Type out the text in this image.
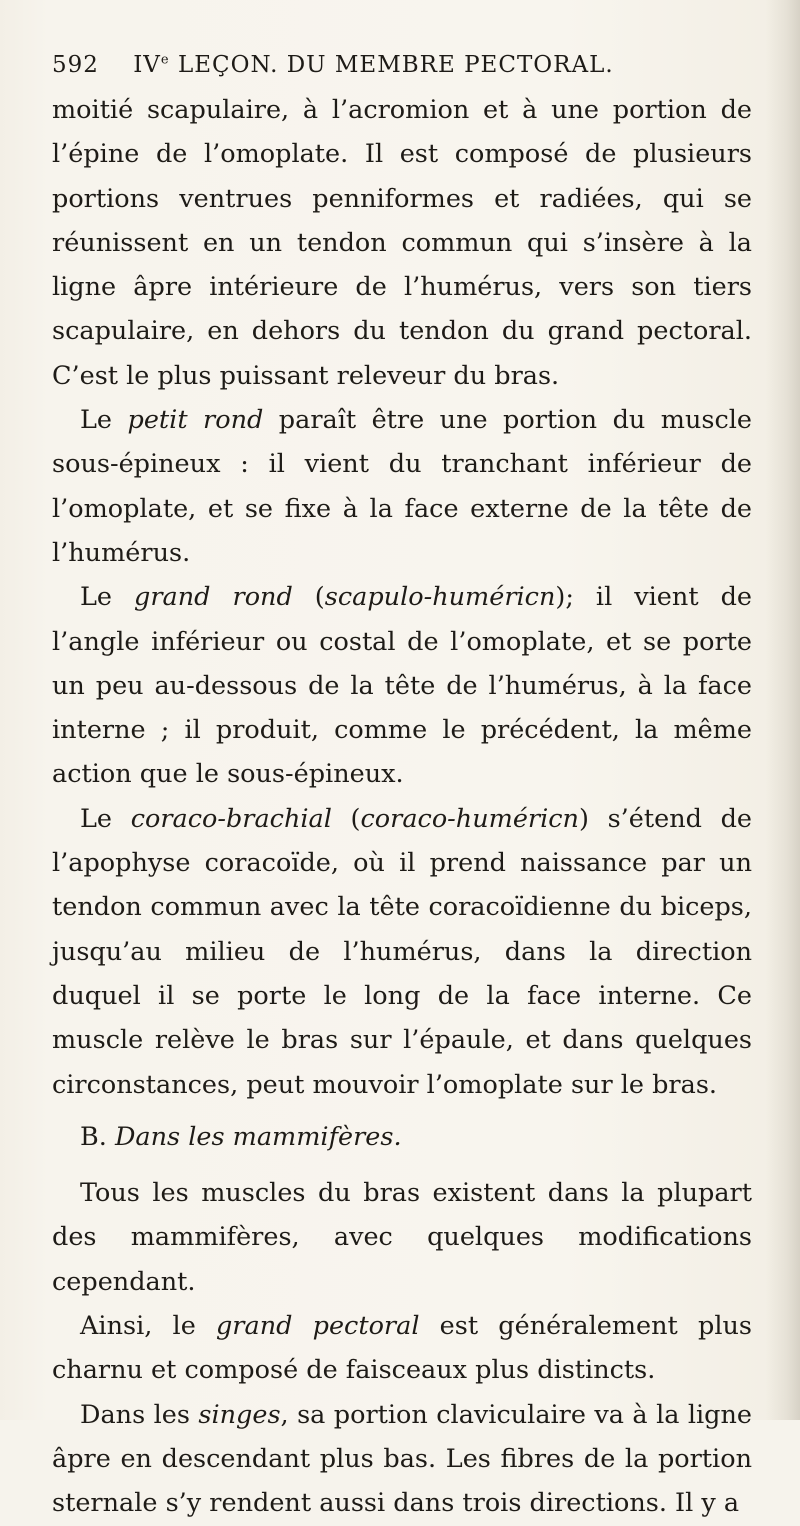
592 IVe LEÇON. DU MEMBRE PECTORAL.

moitié scapulaire, à l’acromion et à une portion de l’épine de l’omoplate. Il est composé de plusieurs portions ventrues penniformes et radiées, qui se réunissent en un tendon commun qui s’insère à la ligne âpre intérieure de l’humérus, vers son tiers scapulaire, en dehors du tendon du grand pectoral. C’est le plus puissant releveur du bras.

Le petit rond paraît être une portion du muscle sous-épineux : il vient du tranchant inférieur de l’omoplate, et se fixe à la face externe de la tête de l’humérus.

Le grand rond (scapulo-huméricn); il vient de l’angle inférieur ou costal de l’omoplate, et se porte un peu au-dessous de la tête de l’humérus, à la face interne ; il produit, comme le précédent, la même action que le sous-épineux.

Le coraco-brachial (coraco-huméricn) s’étend de l’apophyse coracoïde, où il prend naissance par un tendon commun avec la tête coracoïdienne du biceps, jusqu’au milieu de l’humérus, dans la direction duquel il se porte le long de la face interne. Ce muscle relève le bras sur l’épaule, et dans quelques circonstances, peut mouvoir l’omoplate sur le bras.

B. Dans les mammifères.

Tous les muscles du bras existent dans la plupart des mammifères, avec quelques modifications cependant.

Ainsi, le grand pectoral est généralement plus charnu et composé de faisceaux plus distincts.

Dans les singes, sa portion claviculaire va à la ligne âpre en descendant plus bas. Les fibres de la portion sternale s’y rendent aussi dans trois directions. Il y a
